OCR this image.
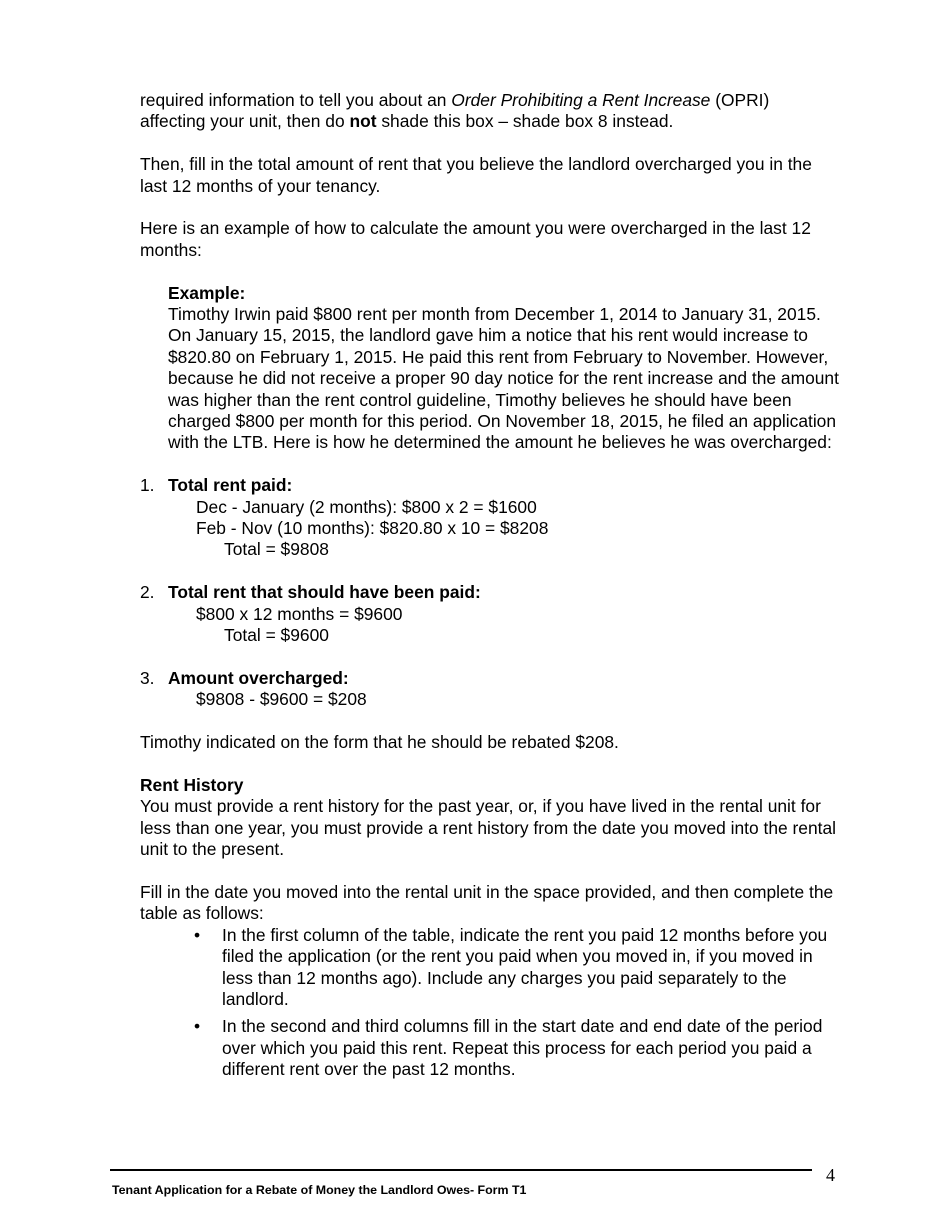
required information to tell you about an Order Prohibiting a Rent Increase (OPRI)
affecting your unit, then do not shade this box – shade box 8 instead.

Then, fill in the total amount of rent that you believe the landlord overcharged you in the last 12 months of your tenancy.

Here is an example of how to calculate the amount you were overcharged in the last 12 months:

Example:

Timothy Irwin paid $800 rent per month from December 1, 2014 to January 31, 2015. On January 15, 2015, the landlord gave him a notice that his rent would increase to $820.80 on February 1, 2015. He paid this rent from February to November. However, because he did not receive a proper 90 day notice for the rent increase and the amount was higher than the rent control guideline, Timothy believes he should have been charged $800 per month for this period. On November 18, 2015, he filed an application with the LTB. Here is how he determined the amount he believes he was overcharged:

1. Total rent paid:

Dec - January (2 months): $800 x 2 = $1600

Feb - Nov (10 months): $820.80 x 10 = $8208

Total = $9808

2. Total rent that should have been paid:

$800 x 12 months = $9600

Total = $9600

3. Amount overcharged:

$9808 - $9600 = $208

Timothy indicated on the form that he should be rebated $208.

Rent History

You must provide a rent history for the past year, or, if you have lived in the rental unit for less than one year, you must provide a rent history from the date you moved into the rental unit to the present.

Fill in the date you moved into the rental unit in the space provided, and then complete the table as follows:

• In the first column of the table, indicate the rent you paid 12 months before you filed the application (or the rent you paid when you moved in, if you moved in less than 12 months ago). Include any charges you paid separately to the landlord.
• In the second and third columns fill in the start date and end date of the period over which you paid this rent. Repeat this process for each period you paid a different rent over the past 12 months.
4
Tenant Application for a Rebate of Money the Landlord Owes- Form T1
